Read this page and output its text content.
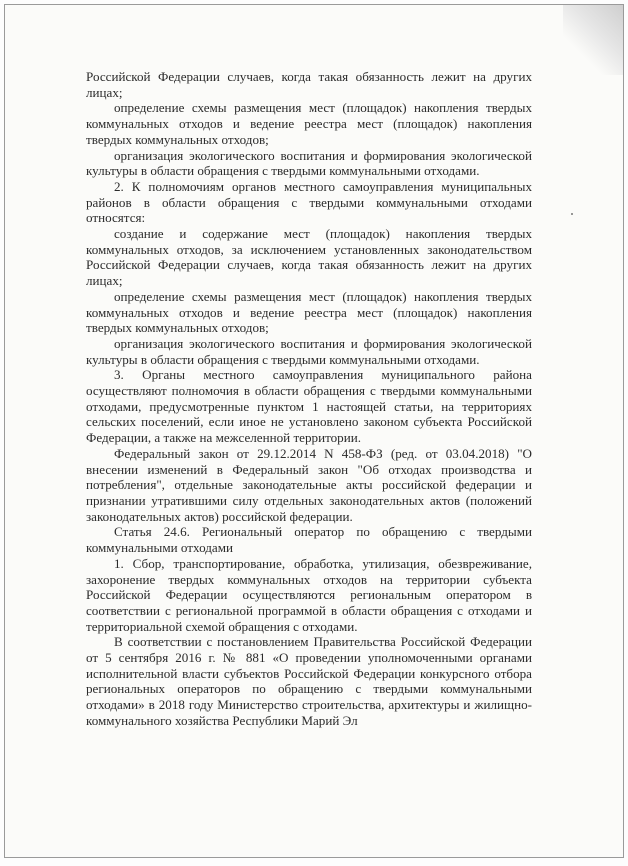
Российской Федерации случаев, когда такая обязанность лежит на других лицах;

определение схемы размещения мест (площадок) накопления твердых коммунальных отходов и ведение реестра мест (площадок) накопления твердых коммунальных отходов;

организация экологического воспитания и формирования экологической культуры в области обращения с твердыми коммунальными отходами.

2. К полномочиям органов местного самоуправления муниципальных районов в области обращения с твердыми коммунальными отходами относятся:

создание и содержание мест (площадок) накопления твердых коммунальных отходов, за исключением установленных законодательством Российской Федерации случаев, когда такая обязанность лежит на других лицах;

определение схемы размещения мест (площадок) накопления твердых коммунальных отходов и ведение реестра мест (площадок) накопления твердых коммунальных отходов;

организация экологического воспитания и формирования экологической культуры в области обращения с твердыми коммунальными отходами.

3. Органы местного самоуправления муниципального района осуществляют полномочия в области обращения с твердыми коммунальными отходами, предусмотренные пунктом 1 настоящей статьи, на территориях сельских поселений, если иное не установлено законом субъекта Российской Федерации, а также на межселенной территории.

Федеральный закон от 29.12.2014 N 458-ФЗ (ред. от 03.04.2018) "О внесении изменений в Федеральный закон "Об отходах производства и потребления", отдельные законодательные акты российской федерации и признании утратившими силу отдельных законодательных актов (положений законодательных актов) российской федерации.

Статья 24.6. Региональный оператор по обращению с твердыми коммунальными отходами

1. Сбор, транспортирование, обработка, утилизация, обезвреживание, захоронение твердых коммунальных отходов на территории субъекта Российской Федерации осуществляются региональным оператором в соответствии с региональной программой в области обращения с отходами и территориальной схемой обращения с отходами.

В соответствии с постановлением Правительства Российской Федерации от 5 сентября 2016 г. № 881 «О проведении уполномоченными органами исполнительной власти субъектов Российской Федерации конкурсного отбора региональных операторов по обращению с твердыми коммунальными отходами» в 2018 году Министерство строительства, архитектуры и жилищно-коммунального хозяйства Республики Марий Эл
